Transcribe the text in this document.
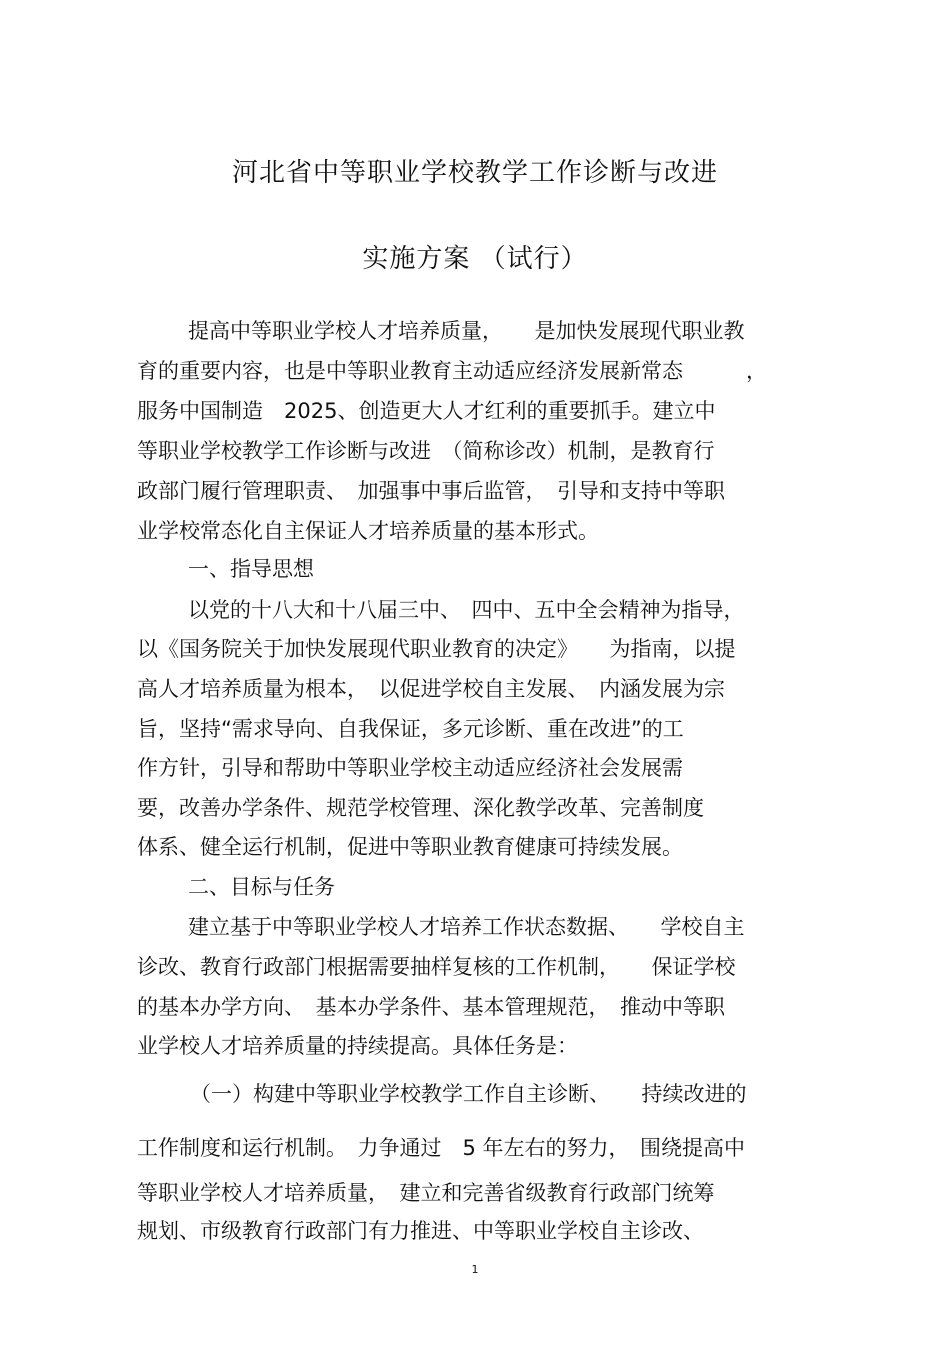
河北省中等职业学校教学工作诊断与改进
实施方案 （试行）

提高中等职业学校人才培养质量，　　是加快发展现代职业教

育的重要内容，也是中等职业教育主动适应经济发展新常态　　　，

服务中国制造　2025、创造更大人才红利的重要抓手。建立中

等职业学校教学工作诊断与改进　（简称诊改）机制，是教育行

政部门履行管理职责、　加强事中事后监管，　引导和支持中等职

业学校常态化自主保证人才培养质量的基本形式。

一、指导思想

以党的十八大和十八届三中、　四中、五中全会精神为指导，

以《国务院关于加快发展现代职业教育的决定》　　为指南，以提

高人才培养质量为根本，　以促进学校自主发展、　内涵发展为宗

旨，坚持“需求导向、自我保证，多元诊断、重在改进”的工

作方针，引导和帮助中等职业学校主动适应经济社会发展需

要，改善办学条件、规范学校管理、深化教学改革、完善制度

体系、健全运行机制，促进中等职业教育健康可持续发展。

二、目标与任务

建立基于中等职业学校人才培养工作状态数据、　　学校自主

诊改、教育行政部门根据需要抽样复核的工作机制，　　保证学校

的基本办学方向、　基本办学条件、基本管理规范，　推动中等职

业学校人才培养质量的持续提高。具体任务是：

（一）构建中等职业学校教学工作自主诊断、　　持续改进的

工作制度和运行机制。　力争通过　5 年左右的努力，　围绕提高中

等职业学校人才培养质量，　建立和完善省级教育行政部门统筹

规划、市级教育行政部门有力推进、中等职业学校自主诊改、

1
